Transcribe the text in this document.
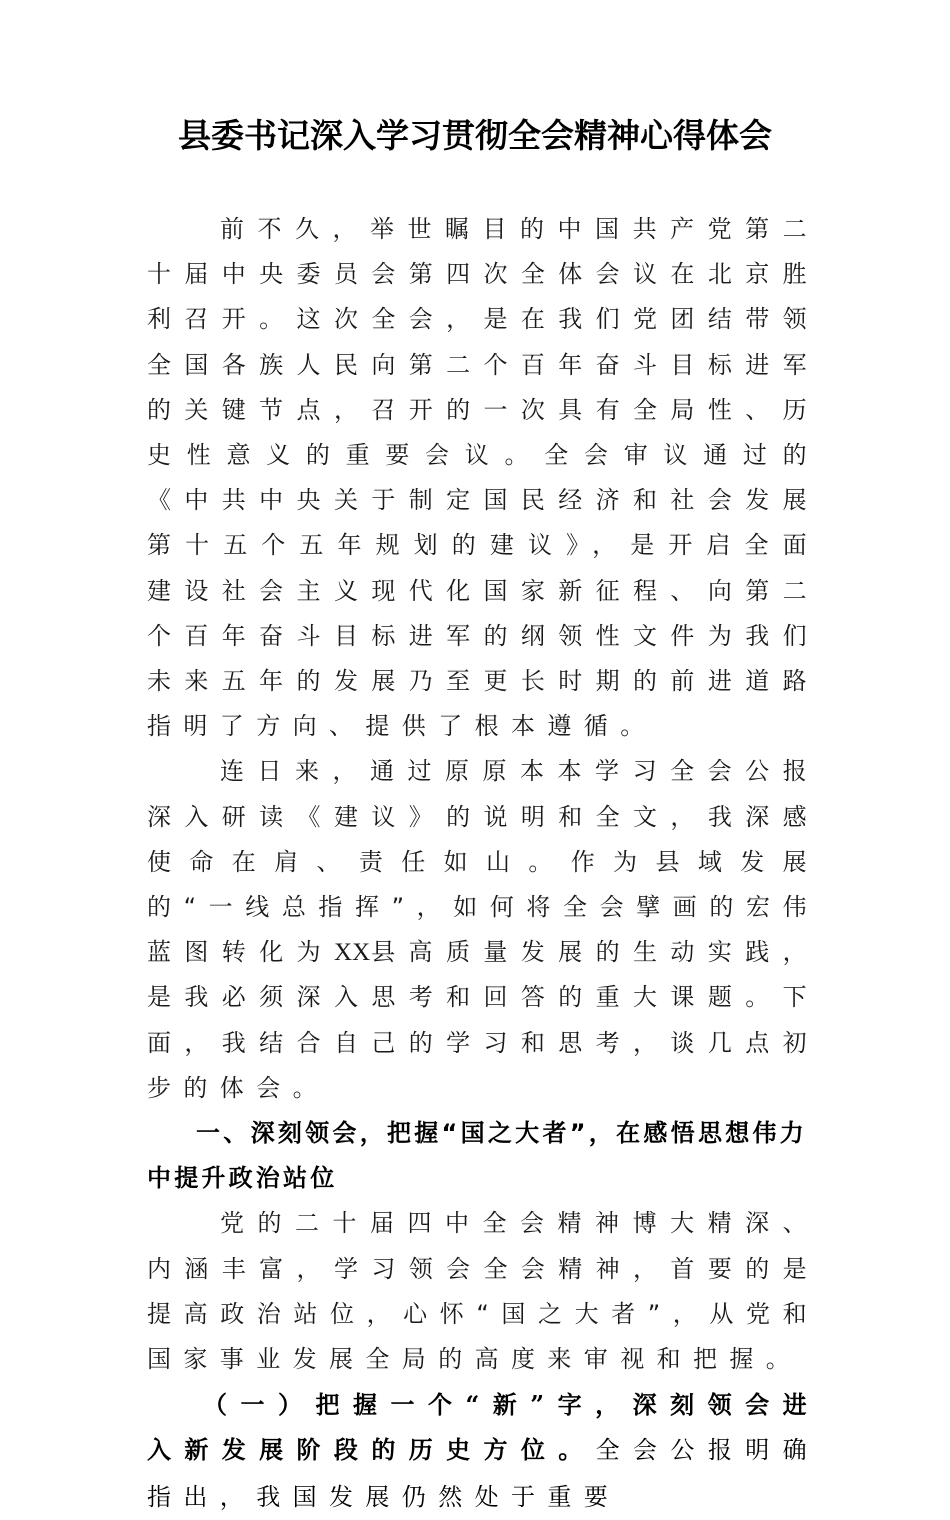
县委书记深入学习贯彻全会精神心得体会

前不久，举世瞩目的中国共产党第二十届中央委员会第四次全体会议在北京胜利召开。这次全会，是在我们党团结带领全国各族人民向第二个百年奋斗目标进军的关键节点，召开的一次具有全局性、历史性意义的重要会议。全会审议通过的《中共中央关于制定国民经济和社会发展第十五个五年规划的建议》，是开启全面建设社会主义现代化国家新征程、向第二个百年奋斗目标进军的纲领性文件为我们未来五年的发展乃至更长时期的前进道路指明了方向、提供了根本遵循。

连日来，通过原原本本学习全会公报深入研读《建议》的说明和全文，我深感使命在肩、责任如山。作为县域发展的“一线总指挥”，如何将全会擘画的宏伟蓝图转化为XX县高质量发展的生动实践，是我必须深入思考和回答的重大课题。下面，我结合自己的学习和思考，谈几点初步的体会。

一、深刻领会，把握“国之大者”，在感悟思想伟力中提升政治站位

党的二十届四中全会精神博大精深、内涵丰富，学习领会全会精神，首要的是提高政治站位，心怀“国之大者”，从党和国家事业发展全局的高度来审视和把握。

（一）把握一个“新”字，深刻领会进入新发展阶段的历史方位。全会公报明确指出，我国发展仍然处于重要
